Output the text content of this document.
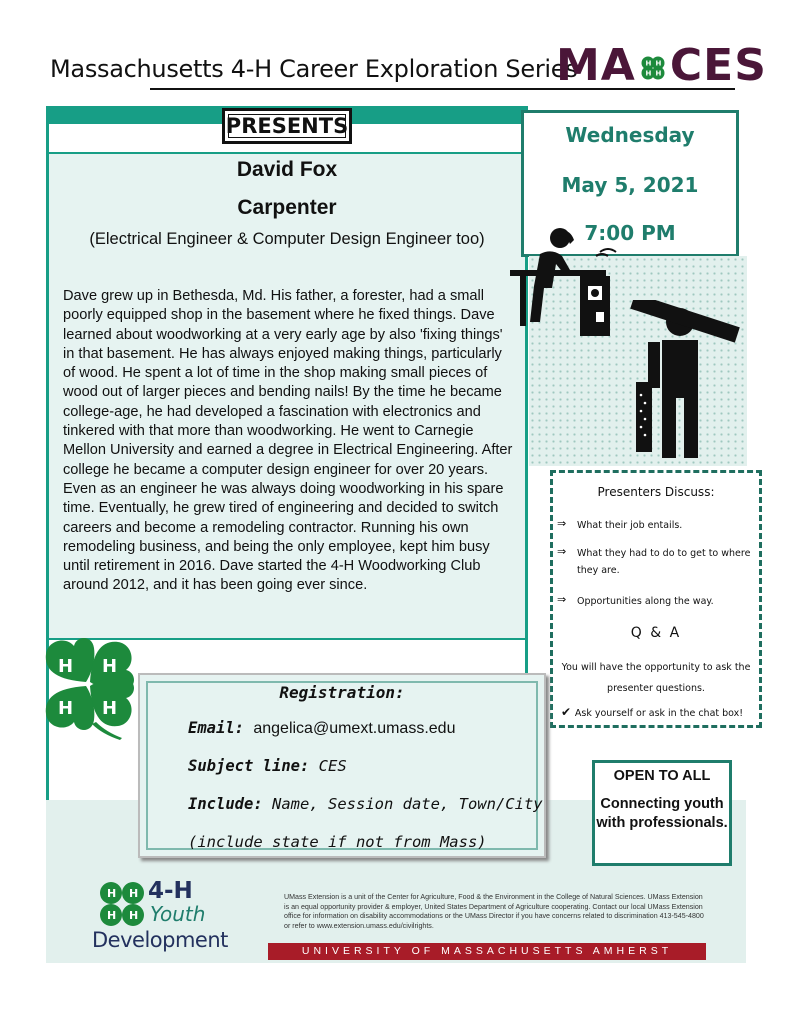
Massachusetts 4-H Career Exploration Series
MA H H
H H CES
PRESENTS
David Fox
Carpenter
(Electrical Engineer & Computer Design Engineer too)
Dave grew up in Bethesda, Md. His father, a forester, had a small poorly equipped shop in the basement where he fixed things. Dave learned about woodworking at a very early age by also 'fixing things' in that basement. He has always enjoyed making things, particularly of wood. He spent a lot of time in the shop making small pieces of wood out of larger pieces and bending nails! By the time he became college-age, he had developed a fascination with electronics and tinkered with that more than woodworking. He went to Carnegie Mellon University and earned a degree in Electrical Engineering. After college he became a computer design engineer for over 20 years. Even as an engineer he was always doing woodworking in his spare time. Eventually, he grew tired of engineering and decided to switch careers and become a remodeling contractor. Running his own remodeling business, and being the only employee, kept him busy until retirement in 2016. Dave started the 4-H Woodworking Club around 2012, and it has been going ever since.
Wednesday
May 5, 2021
7:00 PM
Presenters Discuss:
⇒ What their job entails.
⇒ What they had to do to get to where they are.
⇒ Opportunities along the way.
Q & A
You will have the opportunity to ask the presenter questions.
✔ Ask yourself or ask in the chat box!
H H
H H
Registration:
Email: angelica@umext.umass.edu
Subject line: CES
Include: Name, Session date, Town/City
(include state if not from Mass)
OPEN TO ALL
Connecting youth with professionals.
H H
H H
4-H
Youth
Development
UMass Extension is a unit of the Center for Agriculture, Food & the Environment in the College of Natural Sciences. UMass Extension is an equal opportunity provider & employer, United States Department of Agriculture cooperating. Contact our local UMass Extension office for information on disability accommodations or the UMass Director if you have concerns related to discrimination 413-545-4800 or refer to www.extension.umass.edu/civilrights.
UNIVERSITY OF MASSACHUSETTS AMHERST
